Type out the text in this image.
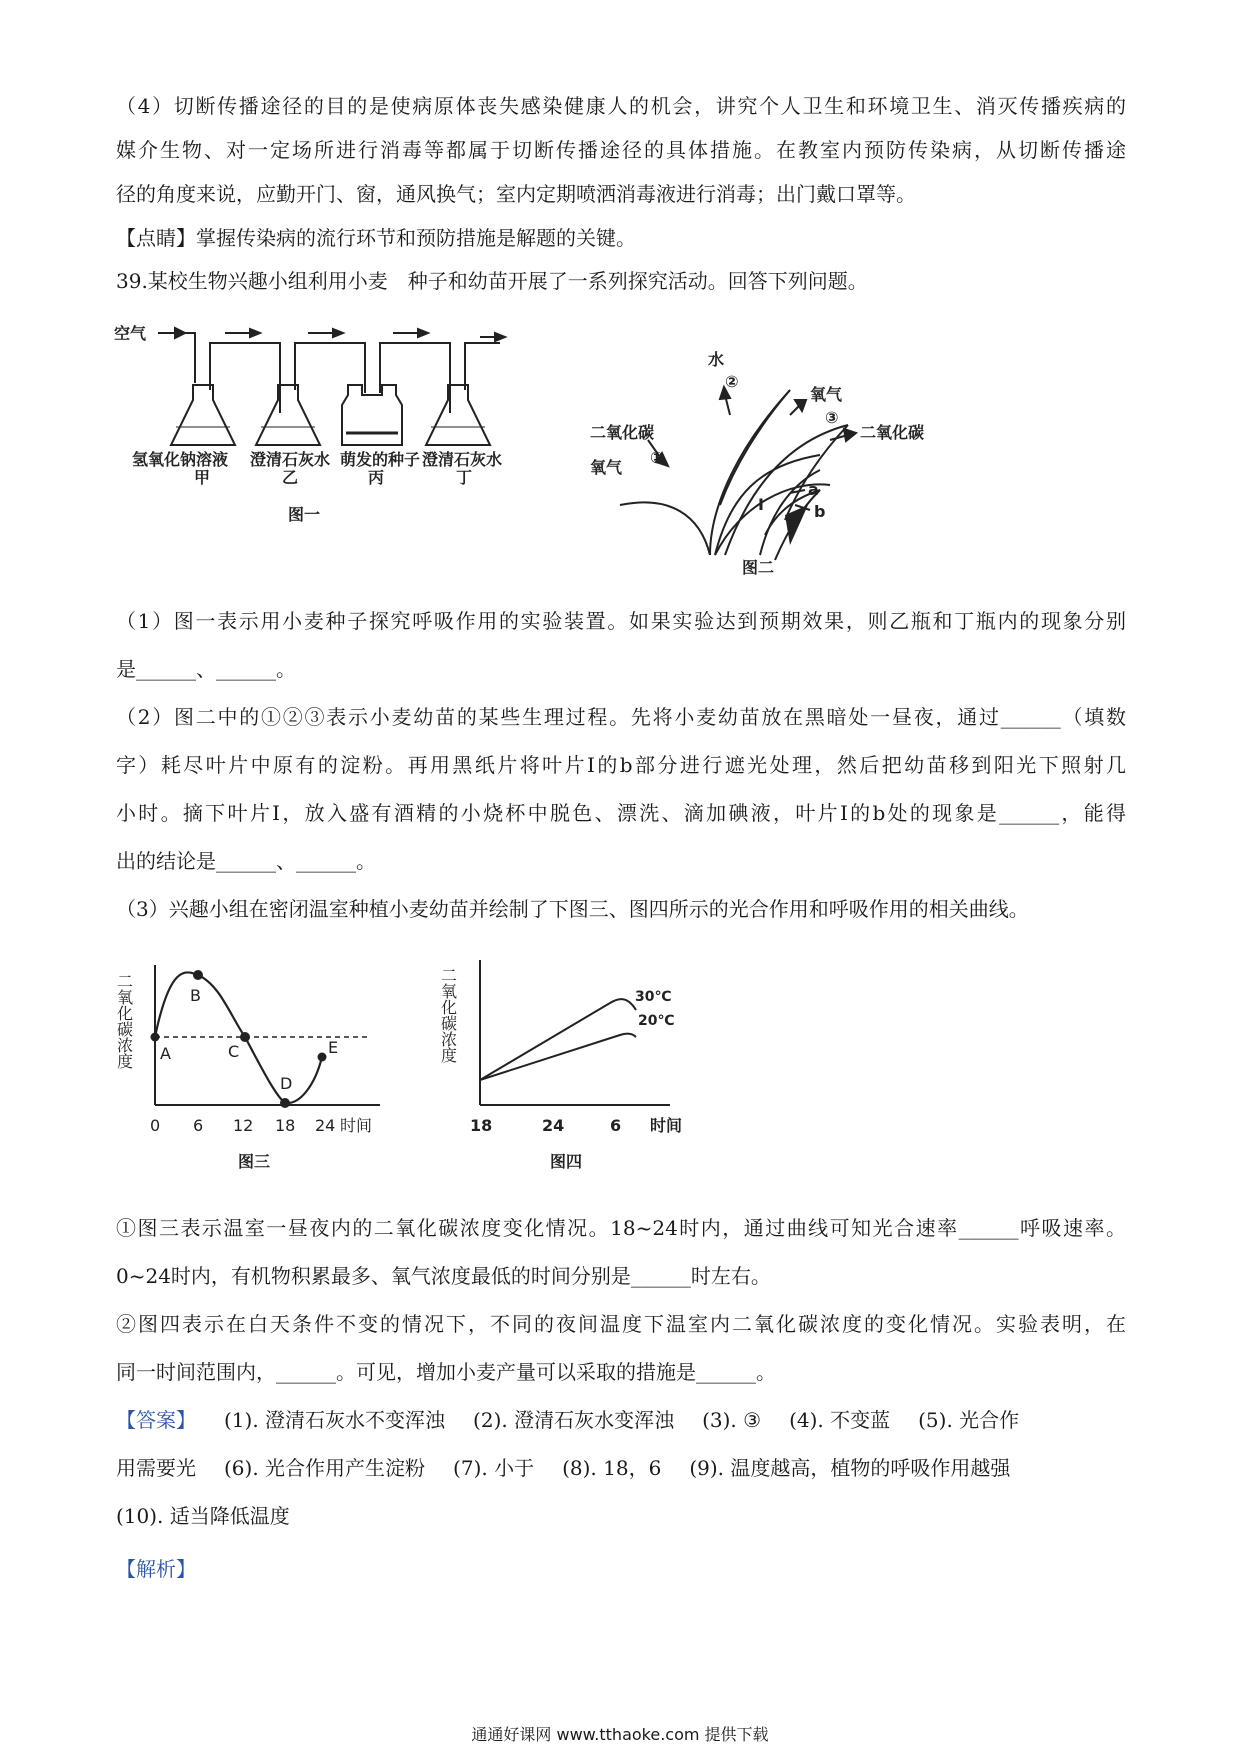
（4）切断传播途径的目的是使病原体丧失感染健康人的机会，讲究个人卫生和环境卫生、消灭传播疾病的
媒介生物、对一定场所进行消毒等都属于切断传播途径的具体措施。在教室内预防传染病，从切断传播途
径的角度来说，应勤开门、窗，通风换气；室内定期喷洒消毒液进行消毒；出门戴口罩等。
【点睛】掌握传染病的流行环节和预防措施是解题的关键。
39.某校生物兴趣小组利用小麦　种子和幼苗开展了一系列探究活动。回答下列问题。
空气
氢氧化钠溶液
甲
澄清石灰水
乙
萌发的种子
丙
澄清石灰水
丁
图一
水
②
二氧化碳
氧气
①
氧气
③
二氧化碳
a
b
I
图二
（1）图一表示用小麦种子探究呼吸作用的实验装置。如果实验达到预期效果，则乙瓶和丁瓶内的现象分别
是______、______。
（2）图二中的①②③表示小麦幼苗的某些生理过程。先将小麦幼苗放在黑暗处一昼夜，通过______（填数
字）耗尽叶片中原有的淀粉。再用黑纸片将叶片Ⅰ的b部分进行遮光处理，然后把幼苗移到阳光下照射几
小时。摘下叶片Ⅰ，放入盛有酒精的小烧杯中脱色、漂洗、滴加碘液，叶片Ⅰ的b处的现象是______，能得
出的结论是______、______。
（3）兴趣小组在密闭温室种植小麦幼苗并绘制了下图三、图四所示的光合作用和呼吸作用的相关曲线。
二氧化碳浓度 A
B
C
D
E
0 6 12 18 24 时间
图三
二氧化碳浓度	30℃
20℃
18	24	6 时间
图四
①图三表示温室一昼夜内的二氧化碳浓度变化情况。18~24时内，通过曲线可知光合速率______呼吸速率。
0~24时内，有机物积累最多、氧气浓度最低的时间分别是______时左右。
②图四表示在白天条件不变的情况下，不同的夜间温度下温室内二氧化碳浓度的变化情况。实验表明，在
同一时间范围内，______。可见，增加小麦产量可以采取的措施是______。
【答案】 (1). 澄清石灰水不变浑浊 (2). 澄清石灰水变浑浊 (3). ③ (4). 不变蓝 (5). 光合作
用需要光 (6). 光合作用产生淀粉 (7). 小于 (8). 18，6 (9). 温度越高，植物的呼吸作用越强
(10). 适当降低温度
【解析】
通通好课网 www.tthaoke.com 提供下载
